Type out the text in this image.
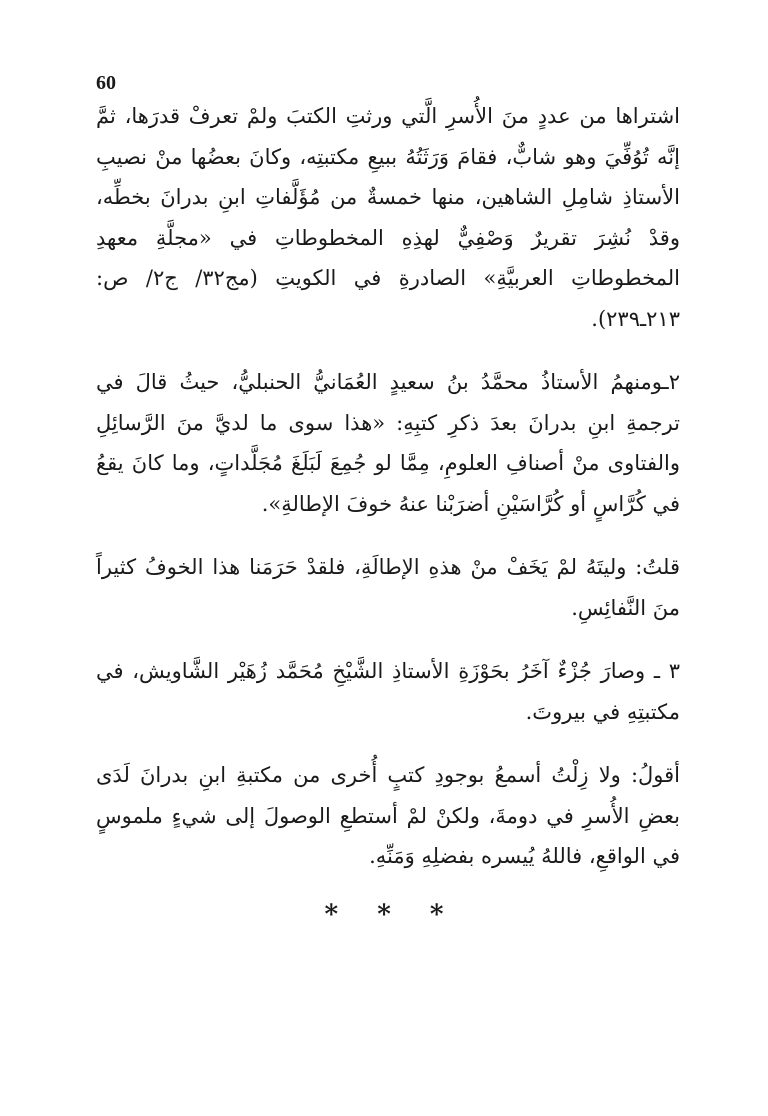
60

اشتراها من عددٍ منَ الأُسرِ الَّتي ورثتِ الكتبَ ولمْ تعرفْ قدرَها، ثمَّ إنَّه تُوُفِّيَ وهو شابٌّ، فقامَ وَرَثَتُهُ ببيعِ مكتبتِه، وكانَ بعضُها منْ نصيبِ الأستاذِ شامِلِ الشاهين، منها خمسةٌ من مُؤَلَّفاتِ ابنِ بدرانَ بخطِّه، وقدْ نُشِرَ تقريرٌ وَصْفِيٌّ لهذِهِ المخطوطاتِ في «مجلَّةِ معهدِ المخطوطاتِ العربيَّةِ» الصادرةِ في الكويتِ (مج٣٢/ ج٢/ ص: ٢١٣ـ٢٣٩).

٢ـومنهمُ الأستاذُ محمَّدُ بنُ سعيدٍ العُمَانيُّ الحنبليُّ، حيثُ قالَ في ترجمةِ ابنِ بدرانَ بعدَ ذكرِ كتبِهِ: «هذا سوى ما لديَّ منَ الرَّسائِلِ والفتاوى منْ أصنافِ العلومِ، مِمَّا لو جُمِعَ لَبَلَغَ مُجَلَّداتٍ، وما كانَ يقعُ في كُرَّاسٍ أو كُرَّاسَيْنِ أضرَبْنا عنهُ خوفَ الإطالةِ».

قلتُ: وليتَهُ لمْ يَخَفْ منْ هذهِ الإطالَةِ، فلقدْ حَرَمَنا هذا الخوفُ كثيراً منَ النَّفائِسِ.

٣ ـ وصارَ جُزْءٌ آخَرُ بحَوْزَةِ الأستاذِ الشَّيْخِ مُحَمَّد زُهَيْر الشَّاويش، في مكتبتِهِ في بيروتَ.

أقولُ: ولا زِلْتُ أسمعُ بوجودِ كتبٍ أُخرى من مكتبةِ ابنِ بدرانَ لَدَى بعضِ الأُسرِ في دومةَ، ولكنْ لمْ أستطعِ الوصولَ إلى شيءٍ ملموسٍ في الواقعِ، فاللهُ يُيسره بفضلِهِ وَمَنِّهِ.

* * *
